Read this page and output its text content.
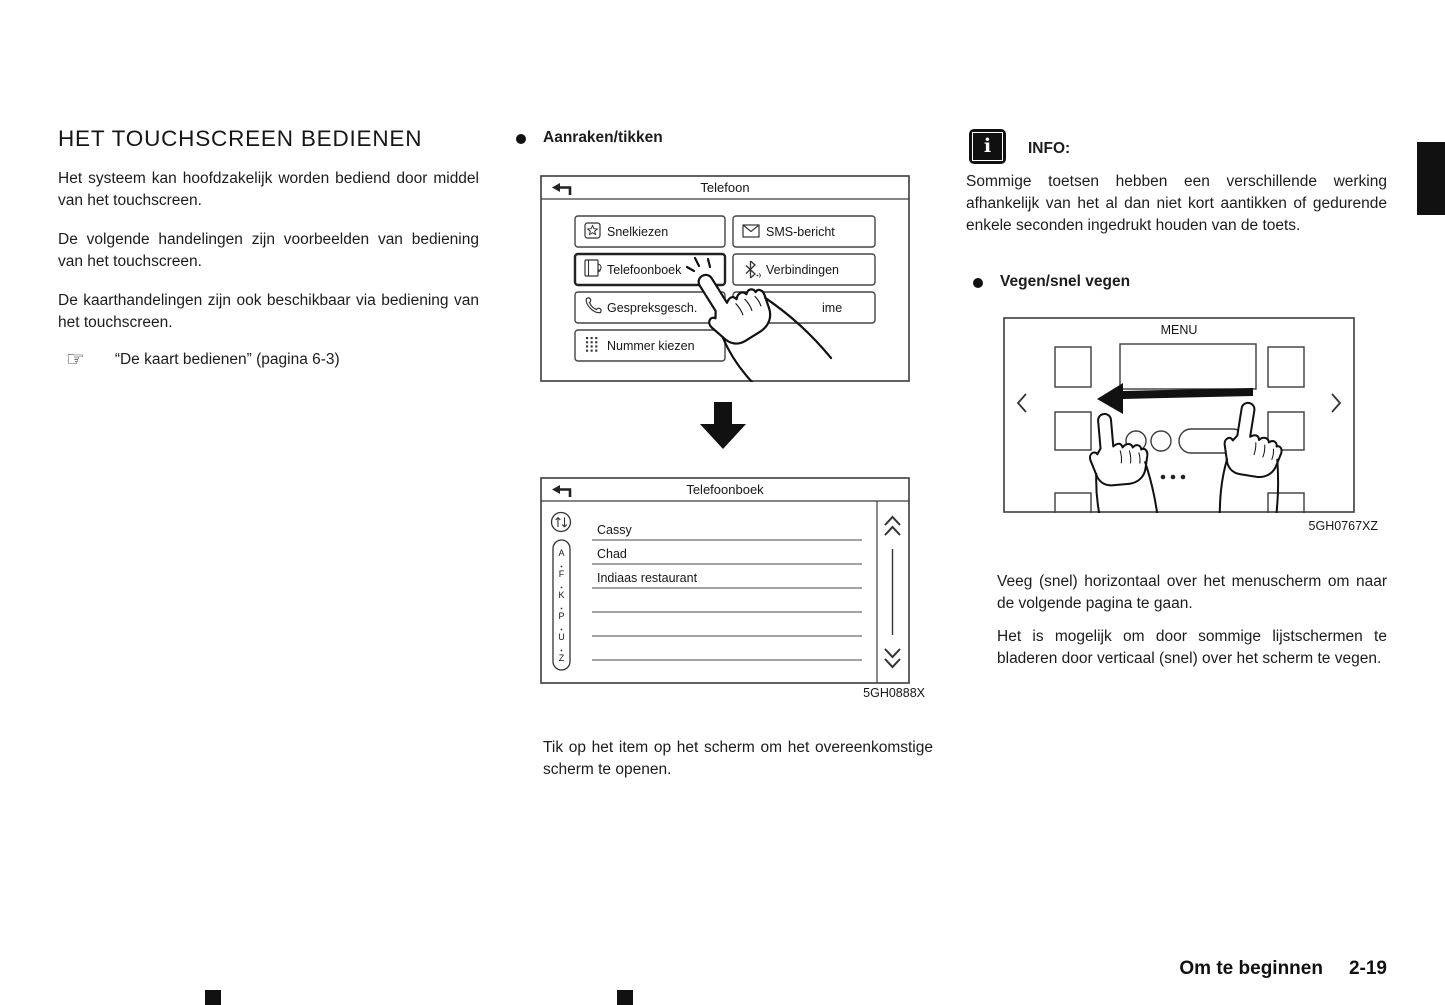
HET TOUCHSCREEN BEDIENEN

Het systeem kan hoofdzakelijk worden bediend door middel van het touchscreen.

De volgende handelingen zijn voorbeelden van bediening van het touchscreen.

De kaarthandelingen zijn ook beschikbaar via bediening van het touchscreen.

☞ “De kaart bedienen” (pagina 6-3)
Aanraken/tikken
Telefoon
Snelkiezen	SMS-bericht
Telefoonboek	Verbindingen
Gespreksgesch.	ime
Nummer kiezen
Telefoonboek
A
F
K
P
U
Z
Cassy
Chad
Indiaas restaurant
5GH0888X

Tik op het item op het scherm om het overeenkomstige scherm te openen.

i INFO:

Sommige toetsen hebben een verschillende werking afhankelijk van het al dan niet kort aantikken of gedurende enkele seconden ingedrukt houden van de toets.

Vegen/snel vegen
MENU
5GH0767XZ

Veeg (snel) horizontaal over het menuscherm om naar de volgende pagina te gaan.

Het is mogelijk om door sommige lijstschermen te bladeren door verticaal (snel) over het scherm te vegen.

Om te beginnen 2-19
